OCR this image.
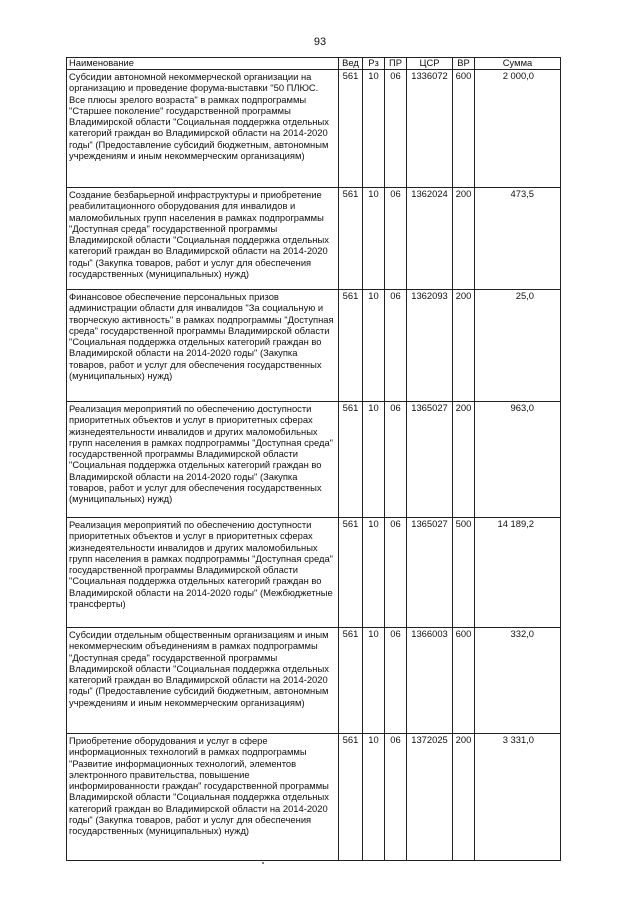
93
Наименование	Вед	Рз	ПР	ЦСР	ВР	Сумма
Субсидии автономной некоммерческой организации на организацию и проведение форума-выставки "50 ПЛЮС. Все плюсы зрелого возраста" в рамках подпрограммы "Старшее поколение" государственной программы Владимирской области "Социальная поддержка отдельных категорий граждан во Владимирской области на 2014-2020 годы" (Предоставление субсидий бюджетным, автономным учреждениям и иным некоммерческим организациям)	561	10	06	1336072	600	2 000,0
Создание безбарьерной инфраструктуры и приобретение реабилитационного оборудования для инвалидов и маломобильных групп населения в рамках подпрограммы "Доступная среда" государственной программы Владимирской области "Социальная поддержка отдельных категорий граждан во Владимирской области на 2014-2020 годы" (Закупка товаров, работ и услуг для обеспечения государственных (муниципальных) нужд)	561	10	06	1362024	200	473,5
Финансовое обеспечение персональных призов администрации области для инвалидов "За социальную и творческую активность" в рамках подпрограммы "Доступная среда" государственной программы Владимирской области "Социальная поддержка отдельных категорий граждан во Владимирской области на 2014-2020 годы" (Закупка товаров, работ и услуг для обеспечения государственных (муниципальных) нужд)	561	10	06	1362093	200	25,0
Реализация мероприятий по обеспечению доступности приоритетных объектов и услуг в приоритетных сферах жизнедеятельности инвалидов и других маломобильных групп населения в рамках подпрограммы "Доступная среда" государственной программы Владимирской области "Социальная поддержка отдельных категорий граждан во Владимирской области на 2014-2020 годы" (Закупка товаров, работ и услуг для обеспечения государственных (муниципальных) нужд)	561	10	06	1365027	200	963,0
Реализация мероприятий по обеспечению доступности приоритетных объектов и услуг в приоритетных сферах жизнедеятельности инвалидов и других маломобильных групп населения в рамках подпрограммы "Доступная среда" государственной программы Владимирской области "Социальная поддержка отдельных категорий граждан во Владимирской области на 2014-2020 годы" (Межбюджетные трансферты)	561	10	06	1365027	500	14 189,2
Субсидии отдельным общественным организациям и иным некоммерческим объединениям в рамках подпрограммы "Доступная среда" государственной программы Владимирской области "Социальная поддержка отдельных категорий граждан во Владимирской области на 2014-2020 годы" (Предоставление субсидий бюджетным, автономным учреждениям и иным некоммерческим организациям)	561	10	06	1366003	600	332,0
Приобретение оборудования и услуг в сфере информационных технологий в рамках подпрограммы "Развитие информационных технологий, элементов электронного правительства, повышение информированности граждан" государственной программы Владимирской области "Социальная поддержка отдельных категорий граждан во Владимирской области на 2014-2020 годы" (Закупка товаров, работ и услуг для обеспечения государственных (муниципальных) нужд)	561	10	06	1372025	200	3 331,0
